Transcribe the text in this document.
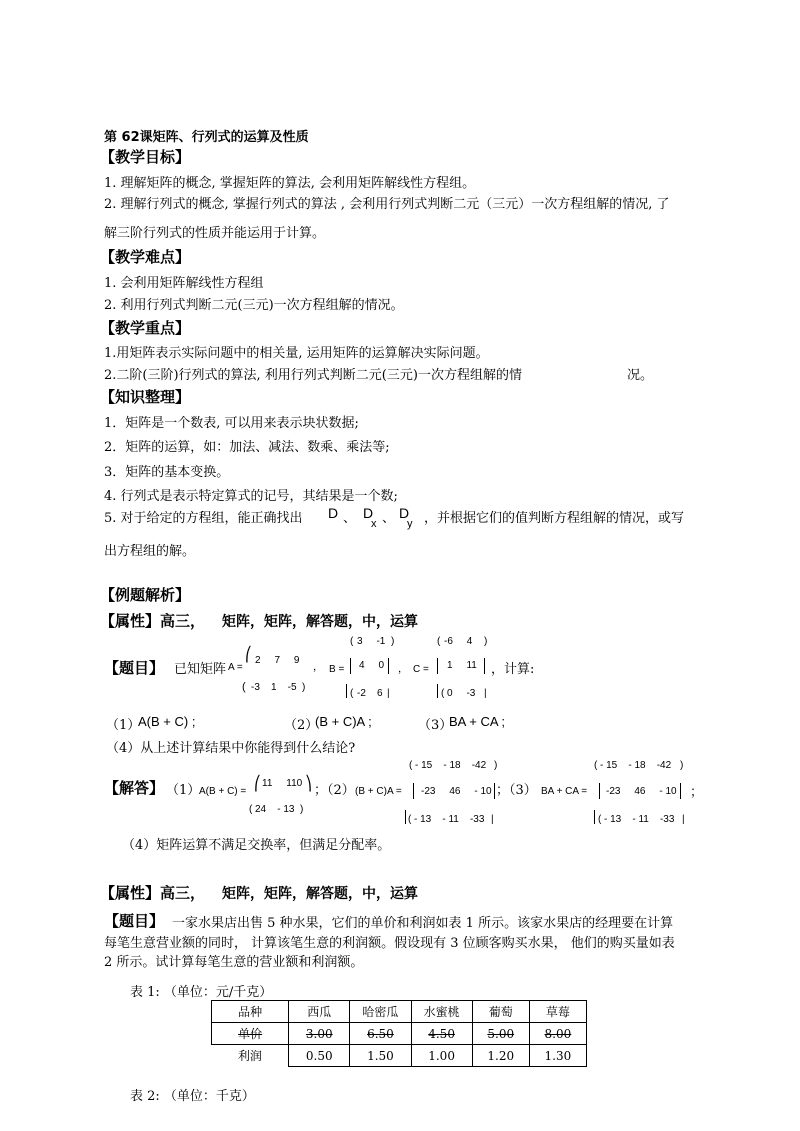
第 62课矩阵、行列式的运算及性质
【教学目标】
1. 理解矩阵的概念, 掌握矩阵的算法, 会利用矩阵解线性方程组。
2. 理解行列式的概念, 掌握行列式的算法 , 会利用行列式判断二元（三元）一次方程组解的情况, 了
解三阶行列式的性质并能运用于计算。
【教学难点】
1. 会利用矩阵解线性方程组
2. 利用行列式判断二元(三元)一次方程组解的情况。
【教学重点】
1.用矩阵表示实际问题中的相关量, 运用矩阵的运算解决实际问题。
2.二阶(三阶)行列式的算法, 利用行列式判断二元(三元)一次方程组解的情	况。
【知识整理】
1．矩阵是一个数表, 可以用来表示块状数据;
2．矩阵的运算，如：加法、减法、数乘、乘法等;
3．矩阵的基本变换。
4. 行列式是表示特定算式的记号，其结果是一个数;
5. 对于给定的方程组，能正确找出 D 、 D
x 、 D
y ，并根据它们的值判断方程组解的情况，或写
出方程组的解。
【例题解析】
【属性】高三， 矩阵，矩阵，解答题，中，运算
【题目】 已知矩阵 A =
⎛ 2     7     9
( -3    1    -5 )
， B =
( 3     -1 )
4     0
( -2    6 |
， C =
( -6     4 )
1     11
( 0     -3 |
，计算:
（1）
A(B + C) ;	（2）
(B + C)A ;	（3）
BA + CA ;
（4）从上述计算结果中你能得到什么结论?
【解答】 （1）
A(B + C) =
⎛ 11     110 ⎞
( 24    - 13 )
；（2） (B + C)A =
( - 15    - 18    -42 )
-23     46     - 10
( - 13    - 11    -33 |
；（3） BA + CA =
( - 15    - 18    -42 )
-23     46     - 10
( - 13    - 11    -33 |
；
（4）矩阵运算不满足交换率，但满足分配率。
【属性】高三， 矩阵，矩阵，解答题，中，运算
【题目】 一家水果店出售 5 种水果，它们的单价和利润如表 1 所示。该家水果店的经理要在计算
每笔生意营业额的同时， 计算该笔生意的利润额。假设现有 3 位顾客购买水果， 他们的购买量如表
2 所示。试计算每笔生意的营业额和利润额。
表 1: （单位：元/千克）
品种	西瓜	哈密瓜	水蜜桃	葡萄	草莓
单价	3.00	6.50	4.50	5.00	8.00
利润	0.50	1.50	1.00	1.20	1.30
表 2: （单位：千克）
